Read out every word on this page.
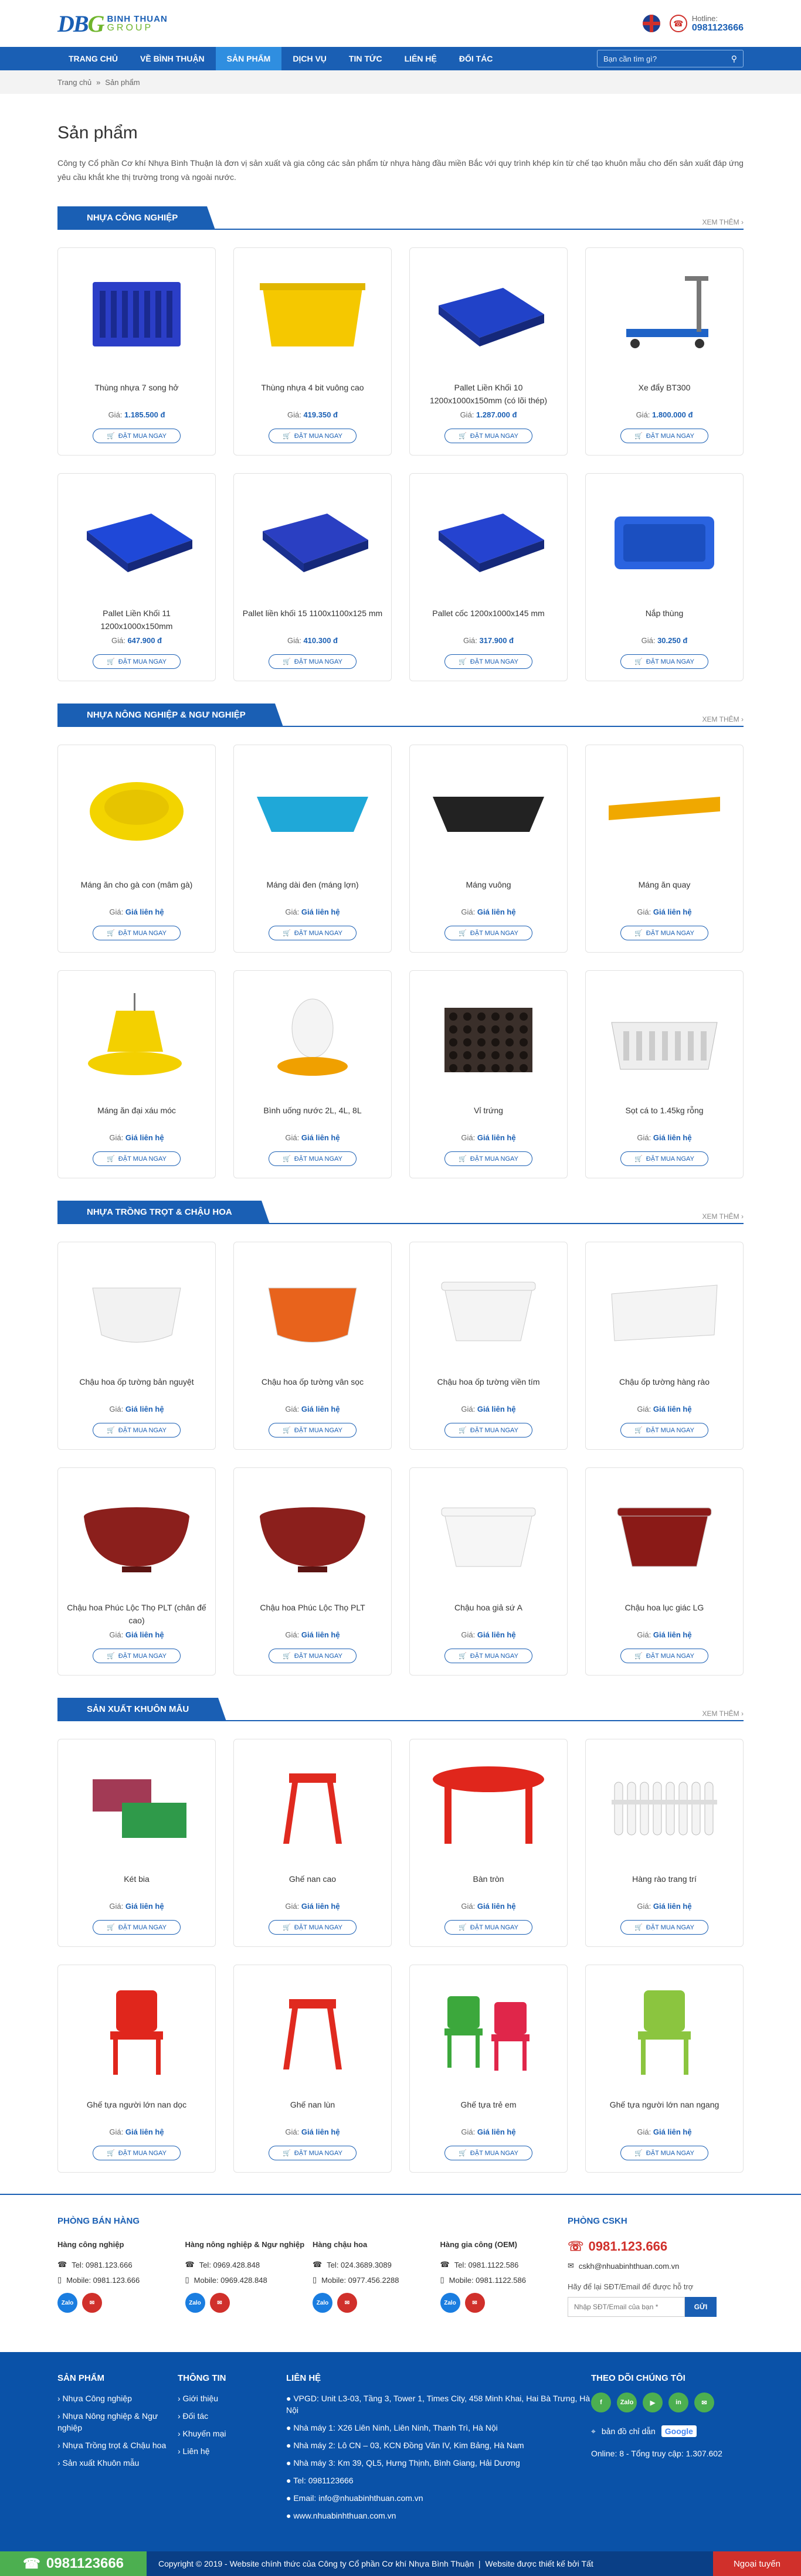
DBG BINH THUAN
GROUP	☎
Hotline:
0981123666
TRANG CHỦ	VỀ BÌNH THUẬN	SẢN PHẨM	DỊCH VỤ	TIN TỨC	LIÊN HỆ	ĐỐI TÁC
Bạn cần tìm gì?	⚲
Trang chủ » Sản phẩm
Sản phẩm

Công ty Cổ phần Cơ khí Nhựa Bình Thuận là đơn vị sản xuất và gia công các sản phẩm từ nhựa hàng đầu miền Bắc với quy trình khép kín từ chế tạo khuôn mẫu cho đến sản xuất đáp ứng yêu cầu khắt khe thị trường trong và ngoài nước.

NHỰA CÔNG NGHIỆP	XEM THÊM ›
Thùng nhựa 7 song hở
Giá: 1.185.500 đ
🛒 ĐẶT MUA NGAY
Thùng nhựa 4 bit vuông cao
Giá: 419.350 đ
🛒 ĐẶT MUA NGAY
Pallet Liền Khối 10 1200x1000x150mm (có lõi thép)
Giá: 1.287.000 đ
🛒 ĐẶT MUA NGAY
Xe đẩy BT300
Giá: 1.800.000 đ
🛒 ĐẶT MUA NGAY
Pallet Liền Khối 11 1200x1000x150mm
Giá: 647.900 đ
🛒 ĐẶT MUA NGAY
Pallet liền khối 15 1100x1100x125 mm
Giá: 410.300 đ
🛒 ĐẶT MUA NGAY
Pallet cốc 1200x1000x145 mm
Giá: 317.900 đ
🛒 ĐẶT MUA NGAY
Nắp thùng
Giá: 30.250 đ
🛒 ĐẶT MUA NGAY
NHỰA NÔNG NGHIỆP & NGƯ NGHIỆP	XEM THÊM ›
Máng ăn cho gà con (mâm gà)
Giá: Giá liên hệ
🛒 ĐẶT MUA NGAY
Máng dài đen (máng lợn)
Giá: Giá liên hệ
🛒 ĐẶT MUA NGAY
Máng vuông
Giá: Giá liên hệ
🛒 ĐẶT MUA NGAY
Máng ăn quay
Giá: Giá liên hệ
🛒 ĐẶT MUA NGAY
Máng ăn đại xáu móc
Giá: Giá liên hệ
🛒 ĐẶT MUA NGAY
Bình uống nước 2L, 4L, 8L
Giá: Giá liên hệ
🛒 ĐẶT MUA NGAY
Vỉ trứng
Giá: Giá liên hệ
🛒 ĐẶT MUA NGAY
Sọt cá to 1.45kg rỗng
Giá: Giá liên hệ
🛒 ĐẶT MUA NGAY
NHỰA TRỒNG TRỌT & CHẬU HOA	XEM THÊM ›
Chậu hoa ốp tường bản nguyệt
Giá: Giá liên hệ
🛒 ĐẶT MUA NGAY
Chậu hoa ốp tường vân sọc
Giá: Giá liên hệ
🛒 ĐẶT MUA NGAY
Chậu hoa ốp tường viền tím
Giá: Giá liên hệ
🛒 ĐẶT MUA NGAY
Chậu ốp tường hàng rào
Giá: Giá liên hệ
🛒 ĐẶT MUA NGAY
Chậu hoa Phúc Lộc Thọ PLT (chân đế cao)
Giá: Giá liên hệ
🛒 ĐẶT MUA NGAY
Chậu hoa Phúc Lộc Thọ PLT
Giá: Giá liên hệ
🛒 ĐẶT MUA NGAY
Chậu hoa giả sứ A
Giá: Giá liên hệ
🛒 ĐẶT MUA NGAY
Chậu hoa lục giác LG
Giá: Giá liên hệ
🛒 ĐẶT MUA NGAY
SẢN XUẤT KHUÔN MẪU	XEM THÊM ›
Két bia
Giá: Giá liên hệ
🛒 ĐẶT MUA NGAY
Ghế nan cao
Giá: Giá liên hệ
🛒 ĐẶT MUA NGAY
Bàn tròn
Giá: Giá liên hệ
🛒 ĐẶT MUA NGAY
Hàng rào trang trí
Giá: Giá liên hệ
🛒 ĐẶT MUA NGAY
Ghế tựa người lớn nan dọc
Giá: Giá liên hệ
🛒 ĐẶT MUA NGAY
Ghế nan lùn
Giá: Giá liên hệ
🛒 ĐẶT MUA NGAY
Ghế tựa trẻ em
Giá: Giá liên hệ
🛒 ĐẶT MUA NGAY
Ghế tựa người lớn nan ngang
Giá: Giá liên hệ
🛒 ĐẶT MUA NGAY
PHÒNG BÁN HÀNG
Hàng công nghiệp
☎ Tel: 0981.123.666
▯ Mobile: 0981.123.666
Zalo	✉
Hàng nông nghiệp & Ngư nghiệp
☎ Tel: 0969.428.848
▯ Mobile: 0969.428.848
Zalo	✉
Hàng chậu hoa
☎ Tel: 024.3689.3089
▯ Mobile: 0977.456.2288
Zalo	✉
Hàng gia công (OEM)
☎ Tel: 0981.1122.586
▯ Mobile: 0981.1122.586
Zalo	✉
PHÒNG CSKH
☏ 0981.123.666
✉ cskh@nhuabinhthuan.com.vn
Hãy để lại SĐT/Email để được hỗ trợ
Nhập SĐT/Email của bạn *
GỬI
SẢN PHẨM
› Nhựa Công nghiệp
› Nhựa Nông nghiệp & Ngư nghiệp
› Nhựa Trồng trọt & Chậu hoa
› Sản xuất Khuôn mẫu
THÔNG TIN
› Giới thiệu
› Đối tác
› Khuyến mại
› Liên hệ
LIÊN HỆ
● VPGD: Unit L3-03, Tầng 3, Tower 1, Times City, 458 Minh Khai, Hai Bà Trưng, Hà Nội
● Nhà máy 1: X26 Liên Ninh, Liên Ninh, Thanh Trì, Hà Nội
● Nhà máy 2: Lô CN – 03, KCN Đồng Văn IV, Kim Bảng, Hà Nam
● Nhà máy 3: Km 39, QL5, Hưng Thịnh, Bình Giang, Hải Dương
● Tel: 0981123666
● Email: info@nhuabinhthuan.com.vn
● www.nhuabinhthuan.com.vn
THEO DÕI CHÚNG TÔI
f	Zalo	▶	in	✉
⌖ bản đồ chỉ dẫn	Google
Online: 8 - Tổng truy cập: 1.307.602
☎ 0981123666	Copyright © 2019 - Website chính thức của Công ty Cổ phần Cơ khí Nhựa Bình Thuận  |  Website được thiết kế bởi Tất	Ngoại tuyến
